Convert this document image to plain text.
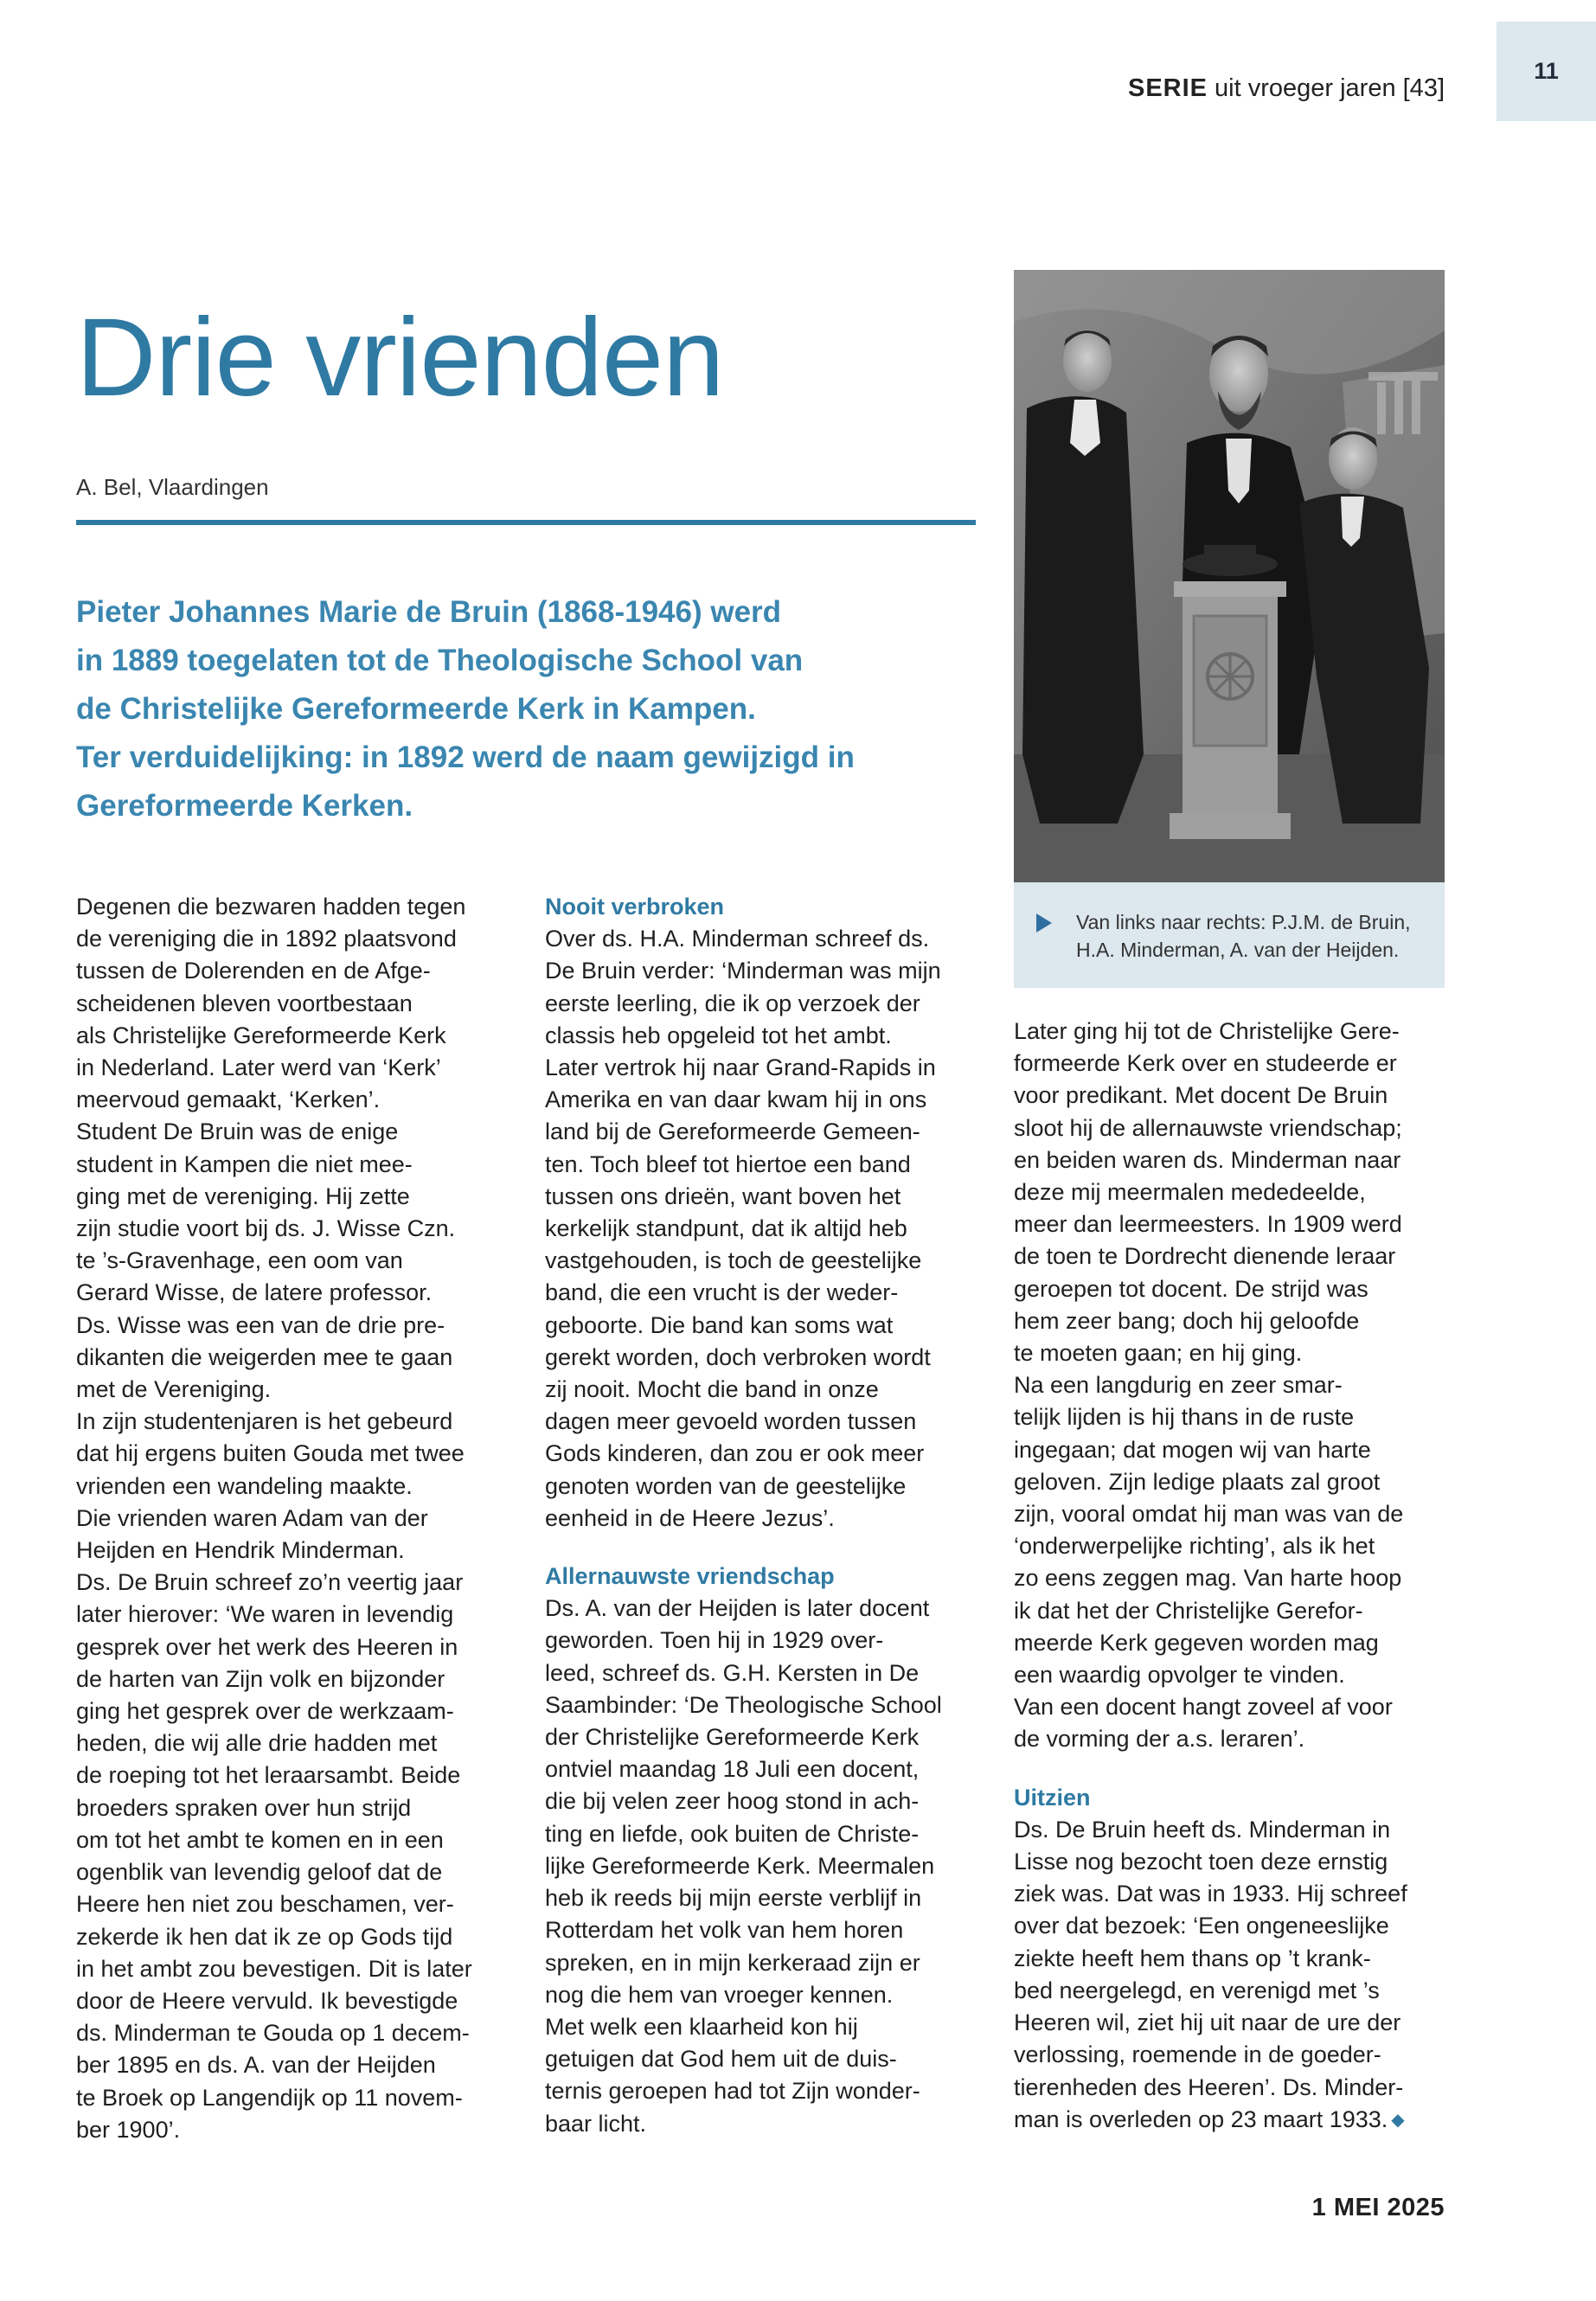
SERIE uit vroeger jaren [43]
11
Drie vrienden
A. Bel, Vlaardingen

Pieter Johannes Marie de Bruin (1868-1946) werd

in 1889 toegelaten tot de Theologische School van

de Christelijke Gereformeerde Kerk in Kampen.

Ter verduidelijking: in 1892 werd de naam gewijzigd in

Gereformeerde Kerken.

Van links naar rechts: P.J.M. de Bruin,
H.A. Minderman, A. van der Heijden.

Degenen die bezwaren hadden tegen

de vereniging die in 1892 plaatsvond

tussen de Dolerenden en de Afge-

scheidenen bleven voortbestaan

als Christelijke Gereformeerde Kerk

in Nederland. Later werd van ‘Kerk’

meervoud gemaakt, ‘Kerken’.

Student De Bruin was de enige

student in Kampen die niet mee-

ging met de vereniging. Hij zette

zijn studie voort bij ds. J. Wisse Czn.

te ’s-Gravenhage, een oom van

Gerard Wisse, de latere professor.

Ds. Wisse was een van de drie pre-

dikanten die weigerden mee te gaan

met de Vereniging.

In zijn studentenjaren is het gebeurd

dat hij ergens buiten Gouda met twee

vrienden een wandeling maakte.

Die vrienden waren Adam van der

Heijden en Hendrik Minderman.

Ds. De Bruin schreef zo’n veertig jaar

later hierover: ‘We waren in levendig

gesprek over het werk des Heeren in

de harten van Zijn volk en bijzonder

ging het gesprek over de werkzaam-

heden, die wij alle drie hadden met

de roeping tot het leraarsambt. Beide

broeders spraken over hun strijd

om tot het ambt te komen en in een

ogenblik van levendig geloof dat de

Heere hen niet zou beschamen, ver-

zekerde ik hen dat ik ze op Gods tijd

in het ambt zou bevestigen. Dit is later

door de Heere vervuld. Ik bevestigde

ds. Minderman te Gouda op 1 decem-

ber 1895 en ds. A. van der Heijden

te Broek op Langendijk op 11 novem-

ber 1900’.

Nooit verbroken

Over ds. H.A. Minderman schreef ds.

De Bruin verder: ‘Minderman was mijn

eerste leerling, die ik op verzoek der

classis heb opgeleid tot het ambt.

Later vertrok hij naar Grand-Rapids in

Amerika en van daar kwam hij in ons

land bij de Gereformeerde Gemeen-

ten. Toch bleef tot hiertoe een band

tussen ons drieën, want boven het

kerkelijk standpunt, dat ik altijd heb

vastgehouden, is toch de geestelijke

band, die een vrucht is der weder-

geboorte. Die band kan soms wat

gerekt worden, doch verbroken wordt

zij nooit. Mocht die band in onze

dagen meer gevoeld worden tussen

Gods kinderen, dan zou er ook meer

genoten worden van de geestelijke

eenheid in de Heere Jezus’.

Allernauwste vriendschap

Ds. A. van der Heijden is later docent

geworden. Toen hij in 1929 over-

leed, schreef ds. G.H. Kersten in De

Saambinder: ‘De Theologische School

der Christelijke Gereformeerde Kerk

ontviel maandag 18 Juli een docent,

die bij velen zeer hoog stond in ach-

ting en liefde, ook buiten de Christe-

lijke Gereformeerde Kerk. Meermalen

heb ik reeds bij mijn eerste verblijf in

Rotterdam het volk van hem horen

spreken, en in mijn kerkeraad zijn er

nog die hem van vroeger kennen.

Met welk een klaarheid kon hij

getuigen dat God hem uit de duis-

ternis geroepen had tot Zijn wonder-

baar licht.

Later ging hij tot de Christelijke Gere-

formeerde Kerk over en studeerde er

voor predikant. Met docent De Bruin

sloot hij de allernauwste vriendschap;

en beiden waren ds. Minderman naar

deze mij meermalen mededeelde,

meer dan leermeesters. In 1909 werd

de toen te Dordrecht dienende leraar

geroepen tot docent. De strijd was

hem zeer bang; doch hij geloofde

te moeten gaan; en hij ging.

Na een langdurig en zeer smar-

telijk lijden is hij thans in de ruste

ingegaan; dat mogen wij van harte

geloven. Zijn ledige plaats zal groot

zijn, vooral omdat hij man was van de

‘onderwerpelijke richting’, als ik het

zo eens zeggen mag. Van harte hoop

ik dat het der Christelijke Gerefor-

meerde Kerk gegeven worden mag

een waardig opvolger te vinden.

Van een docent hangt zoveel af voor

de vorming der a.s. leraren’.

Uitzien

Ds. De Bruin heeft ds. Minderman in

Lisse nog bezocht toen deze ernstig

ziek was. Dat was in 1933. Hij schreef

over dat bezoek: ‘Een ongeneeslijke

ziekte heeft hem thans op ’t krank-

bed neergelegd, en verenigd met ’s

Heeren wil, ziet hij uit naar de ure der

verlossing, roemende in de goeder-

tierenheden des Heeren’. Ds. Minder-

man is overleden op 23 maart 1933. ◆

1 MEI 2025
